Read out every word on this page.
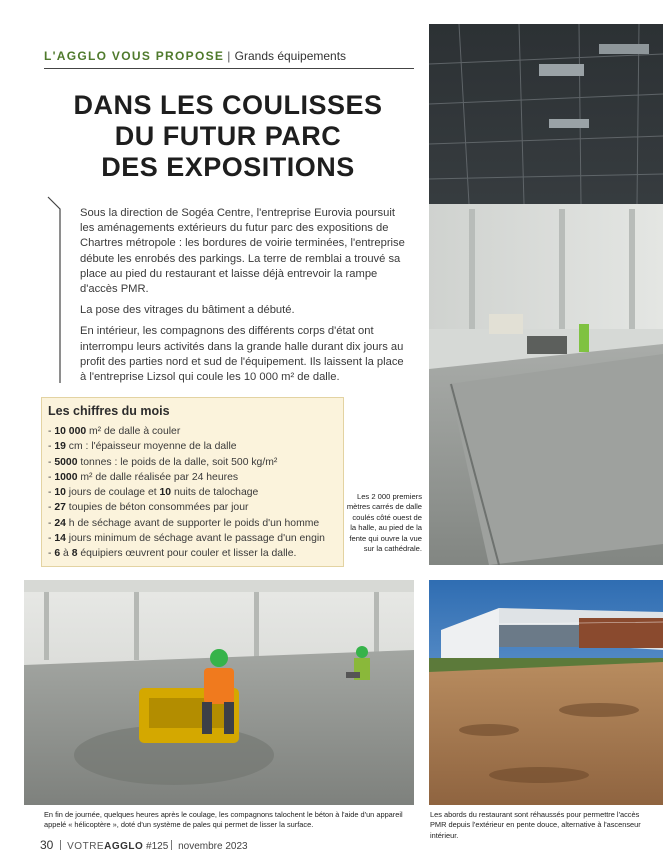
L'AGGLO VOUS PROPOSE | Grands équipements
DANS LES COULISSES
DU FUTUR PARC
DES EXPOSITIONS

Sous la direction de Sogéa Centre, l'entreprise Eurovia poursuit les aménagements extérieurs du futur parc des expositions de Chartres métropole : les bordures de voirie terminées, l'entreprise débute les enrobés des parkings. La terre de remblai a trouvé sa place au pied du restaurant et laisse déjà entrevoir la rampe d'accès PMR.

La pose des vitrages du bâtiment a débuté.

En intérieur, les compagnons des différents corps d'état ont interrompu leurs activités dans la grande halle durant dix jours au profit des parties nord et sud de l'équipement. Ils laissent la place à l'entreprise Lizsol qui coule les 10 000 m² de dalle.

Les chiffres du mois
- 10 000 m² de dalle à couler
- 19 cm : l'épaisseur moyenne de la dalle
- 5000 tonnes : le poids de la dalle, soit 500 kg/m²
- 1000 m² de dalle réalisée par 24 heures
- 10 jours de coulage et 10 nuits de talochage
- 27 toupies de béton consommées par jour
- 24 h de séchage avant de supporter le poids d'un homme
- 14 jours minimum de séchage avant le passage d'un engin
- 6 à 8 équipiers œuvrent pour couler et lisser la dalle.
Les 2 000 premiers mètres carrés de dalle coulés côté ouest de la halle, au pied de la fente qui ouvre la vue sur la cathédrale.
En fin de journée, quelques heures après le coulage, les compagnons talochent le béton à l'aide d'un appareil appelé « hélicoptère », doté d'un système de pales qui permet de lisser la surface.
Les abords du restaurant sont réhaussés pour permettre l'accès PMR depuis l'extérieur en pente douce, alternative à l'ascenseur intérieur.
30 VOTREAGGLO #125 novembre 2023
